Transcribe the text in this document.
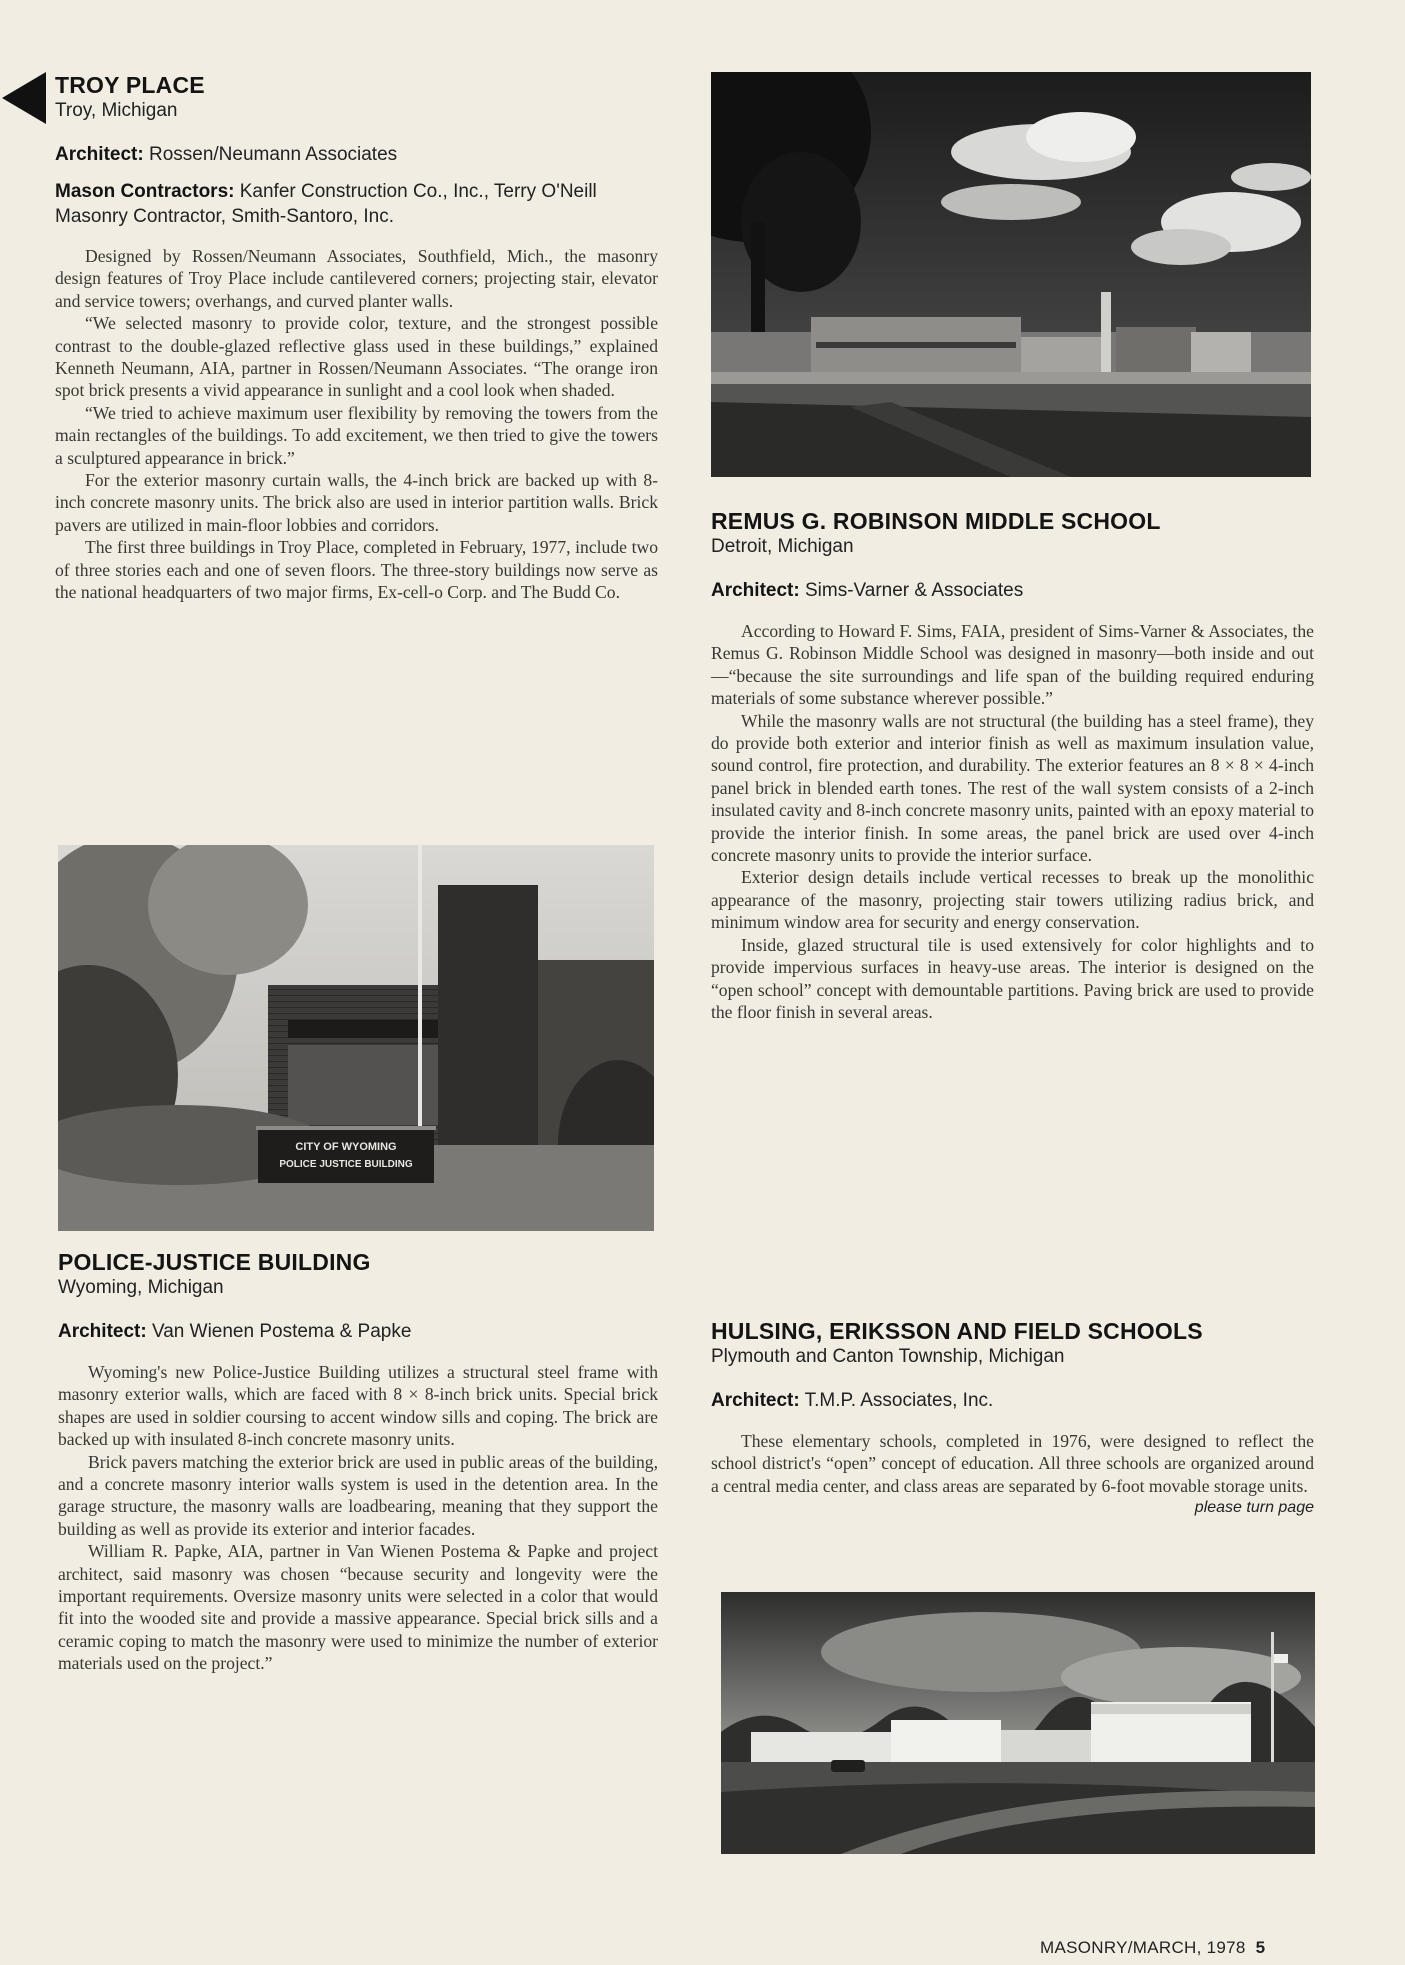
TROY PLACE
Troy, Michigan

Architect: Rossen/Neumann Associates

Mason Contractors: Kanfer Construction Co., Inc., Terry O'Neill Masonry Contractor, Smith-Santoro, Inc.

Designed by Rossen/Neumann Associates, Southfield, Mich., the masonry design features of Troy Place include cantilevered corners; projecting stair, elevator and service towers; overhangs, and curved planter walls.

“We selected masonry to provide color, texture, and the strongest possible contrast to the double-glazed reflective glass used in these buildings,” explained Kenneth Neumann, AIA, partner in Rossen/Neumann Associates. “The orange iron spot brick presents a vivid appearance in sunlight and a cool look when shaded.

“We tried to achieve maximum user flexibility by removing the towers from the main rectangles of the buildings. To add excitement, we then tried to give the towers a sculptured appearance in brick.”

For the exterior masonry curtain walls, the 4-inch brick are backed up with 8-inch concrete masonry units. The brick also are used in interior partition walls. Brick pavers are utilized in main-floor lobbies and corridors.

The first three buildings in Troy Place, completed in February, 1977, include two of three stories each and one of seven floors. The three-story buildings now serve as the national headquarters of two major firms, Ex-cell-o Corp. and The Budd Co.

CITY OF WYOMING
POLICE JUSTICE BUILDING
POLICE-JUSTICE BUILDING
Wyoming, Michigan

Architect: Van Wienen Postema & Papke

Wyoming's new Police-Justice Building utilizes a structural steel frame with masonry exterior walls, which are faced with 8 × 8-inch brick units. Special brick shapes are used in soldier coursing to accent window sills and coping. The brick are backed up with insulated 8-inch concrete masonry units.

Brick pavers matching the exterior brick are used in public areas of the building, and a concrete masonry interior walls system is used in the detention area. In the garage structure, the masonry walls are loadbearing, meaning that they support the building as well as provide its exterior and interior facades.

William R. Papke, AIA, partner in Van Wienen Postema & Papke and project architect, said masonry was chosen “because security and longevity were the important requirements. Oversize masonry units were selected in a color that would fit into the wooded site and provide a massive appearance. Special brick sills and a ceramic coping to match the masonry were used to minimize the number of exterior materials used on the project.”

REMUS G. ROBINSON MIDDLE SCHOOL
Detroit, Michigan

Architect: Sims-Varner & Associates

According to Howard F. Sims, FAIA, president of Sims-Varner & Associates, the Remus G. Robinson Middle School was designed in masonry—both inside and out—“because the site surroundings and life span of the building required enduring materials of some substance wherever possible.”

While the masonry walls are not structural (the building has a steel frame), they do provide both exterior and interior finish as well as maximum insulation value, sound control, fire protection, and durability. The exterior features an 8 × 8 × 4-inch panel brick in blended earth tones. The rest of the wall system consists of a 2-inch insulated cavity and 8-inch concrete masonry units, painted with an epoxy material to provide the interior finish. In some areas, the panel brick are used over 4-inch concrete masonry units to provide the interior surface.

Exterior design details include vertical recesses to break up the monolithic appearance of the masonry, projecting stair towers utilizing radius brick, and minimum window area for security and energy conservation.

Inside, glazed structural tile is used extensively for color highlights and to provide impervious surfaces in heavy-use areas. The interior is designed on the “open school” concept with demountable partitions. Paving brick are used to provide the floor finish in several areas.

HULSING, ERIKSSON AND FIELD SCHOOLS
Plymouth and Canton Township, Michigan

Architect: T.M.P. Associates, Inc.

These elementary schools, completed in 1976, were designed to reflect the school district's “open” concept of education. All three schools are organized around a central media center, and class areas are separated by 6-foot movable storage units.
please turn page

MASONRY/MARCH, 1978 5
